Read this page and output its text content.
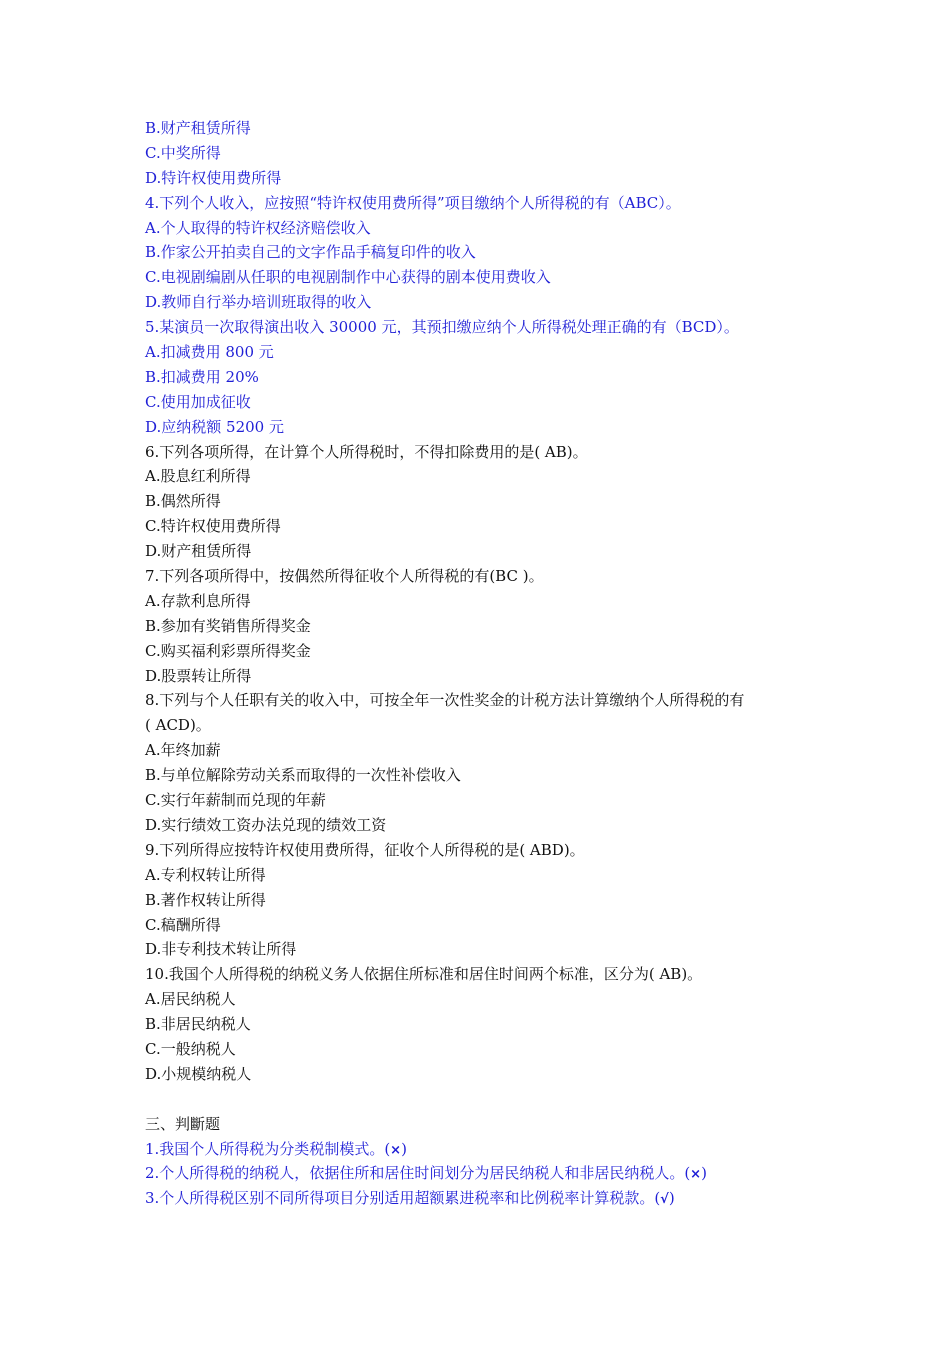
B.财产租赁所得

C.中奖所得

D.特许权使用费所得

4.下列个人收入，应按照“特许权使用费所得”项目缴纳个人所得税的有（ABC）。

A.个人取得的特许权经济赔偿收入

B.作家公开拍卖自己的文字作品手稿复印件的收入

C.电视剧编剧从任职的电视剧制作中心获得的剧本使用费收入

D.教师自行举办培训班取得的收入

5.某演员一次取得演出收入 30000 元，其预扣缴应纳个人所得税处理正确的有（BCD）。

A.扣减费用 800 元

B.扣减费用 20%

C.使用加成征收

D.应纳税额 5200 元

6.下列各项所得，在计算个人所得税时，不得扣除费用的是( AB)。

A.股息红利所得

B.偶然所得

C.特许权使用费所得

D.财产租赁所得

7.下列各项所得中，按偶然所得征收个人所得税的有(BC )。

A.存款利息所得

B.参加有奖销售所得奖金

C.购买福利彩票所得奖金

D.股票转让所得

8.下列与个人任职有关的收入中，可按全年一次性奖金的计税方法计算缴纳个人所得税的有

( ACD)。

A.年终加薪

B.与单位解除劳动关系而取得的一次性补偿收入

C.实行年薪制而兑现的年薪

D.实行绩效工资办法兑现的绩效工资

9.下列所得应按特许权使用费所得，征收个人所得税的是( ABD)。

A.专利权转让所得

B.著作权转让所得

C.稿酬所得

D.非专利技术转让所得

10.我国个人所得税的纳税义务人依据住所标准和居住时间两个标准，区分为( AB)。

A.居民纳税人

B.非居民纳税人

C.一般纳税人

D.小规模纳税人

三、判斷题

1.我国个人所得税为分类税制模式。(×)

2.个人所得税的纳税人，依据住所和居住时间划分为居民纳税人和非居民纳税人。(×)

3.个人所得税区别不同所得项目分别适用超额累进税率和比例税率计算税款。(√)
